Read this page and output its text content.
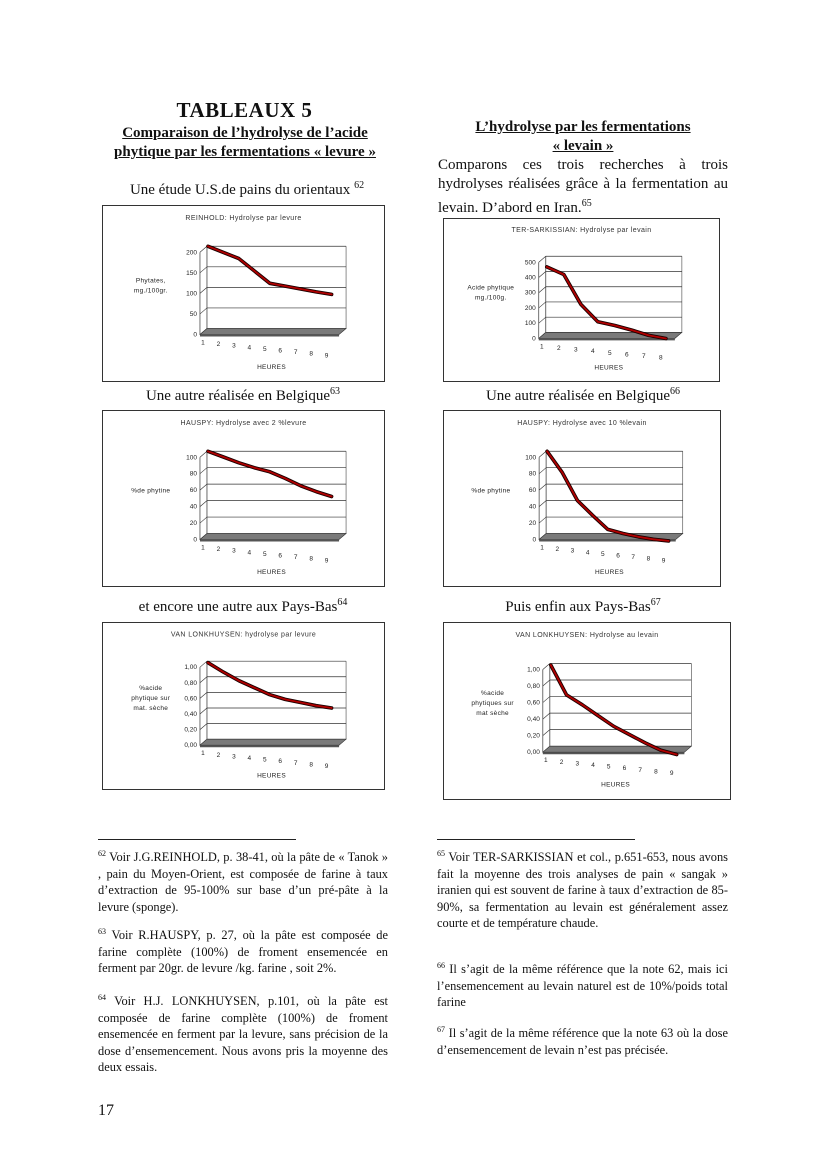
TABLEAUX 5
Comparaison de l’hydrolyse de l’acide phytique par les fermentations « levure »
L’hydrolyse par les fermentations
« levain »
Une étude U.S.de pains du orientaux $^{62}$
Comparons ces trois recherches à trois hydrolyses réalisées grâce à la fermentation au levain. D’abord en Iran.$^{65}$
Une autre réalisée en Belgique$^{63}$	Une autre réalisée en Belgique$^{66}$
et encore une autre aux Pays-Bas$^{64}$	Puis enfin aux Pays-Bas$^{67}$
REINHOLD: Hydrolyse par levure
0
50
100
150
200
1 2 3 4 5 6 7 8 9
HEURES
Phytates,
mg./100gr.
TER-SARKISSIAN: Hydrolyse par levain
0
100
200
300
400
500
1 2 3 4 5 6 7 8
HEURES
Acide phytique
mg./100g.
HAUSPY: Hydrolyse avec 2 %levure
0
20
40
60
80
100
1 2 3 4 5 6 7 8 9
HEURES
%de phytine
HAUSPY: Hydrolyse avec 10 %levain
0
20
40
60
80
100
1 2 3 4 5 6 7 8 9
HEURES
%de phytine
VAN LONKHUYSEN: hydrolyse par levure
0,00
0,20
0,40
0,60
0,80
1,00
1 2 3 4 5 6 7 8 9
HEURES
%acide
phytique sur
mat. sèche
VAN LONKHUYSEN: Hydrolyse au levain
0,00
0,20
0,40
0,60
0,80
1,00
1 2 3 4 5 6 7 8 9
HEURES
%acide
phytiques sur
mat sèche
$^{62}$ Voir J.G.REINHOLD, p. 38-41, où la pâte de « Tanok » , pain du Moyen-Orient, est composée de farine à taux d’extraction de 95-100% sur base d’un pré-pâte à la levure (sponge).
$^{63}$ Voir R.HAUSPY, p. 27, où la pâte est composée de farine complète (100%) de froment ensemencée en ferment par 20gr. de levure /kg. farine , soit 2%.
$^{64}$ Voir H.J. LONKHUYSEN, p.101, où la pâte est composée de farine complète (100%) de froment ensemencée en ferment par la levure, sans précision de la dose d’ensemencement. Nous avons pris la moyenne des deux essais.
$^{65}$ Voir TER-SARKISSIAN et col., p.651-653, nous avons fait la moyenne des trois analyses de pain « sangak » iranien qui est souvent de farine à taux d’extraction de 85-90%, sa fermentation au levain est généralement assez courte et de température chaude.
$^{66}$ Il s’agit de la même référence que la note 62, mais ici l’ensemencement au levain naturel est de 10%/poids total farine
$^{67}$ Il s’agit de la même référence que la note 63 où la dose d’ensemencement de levain n’est pas précisée.
17
